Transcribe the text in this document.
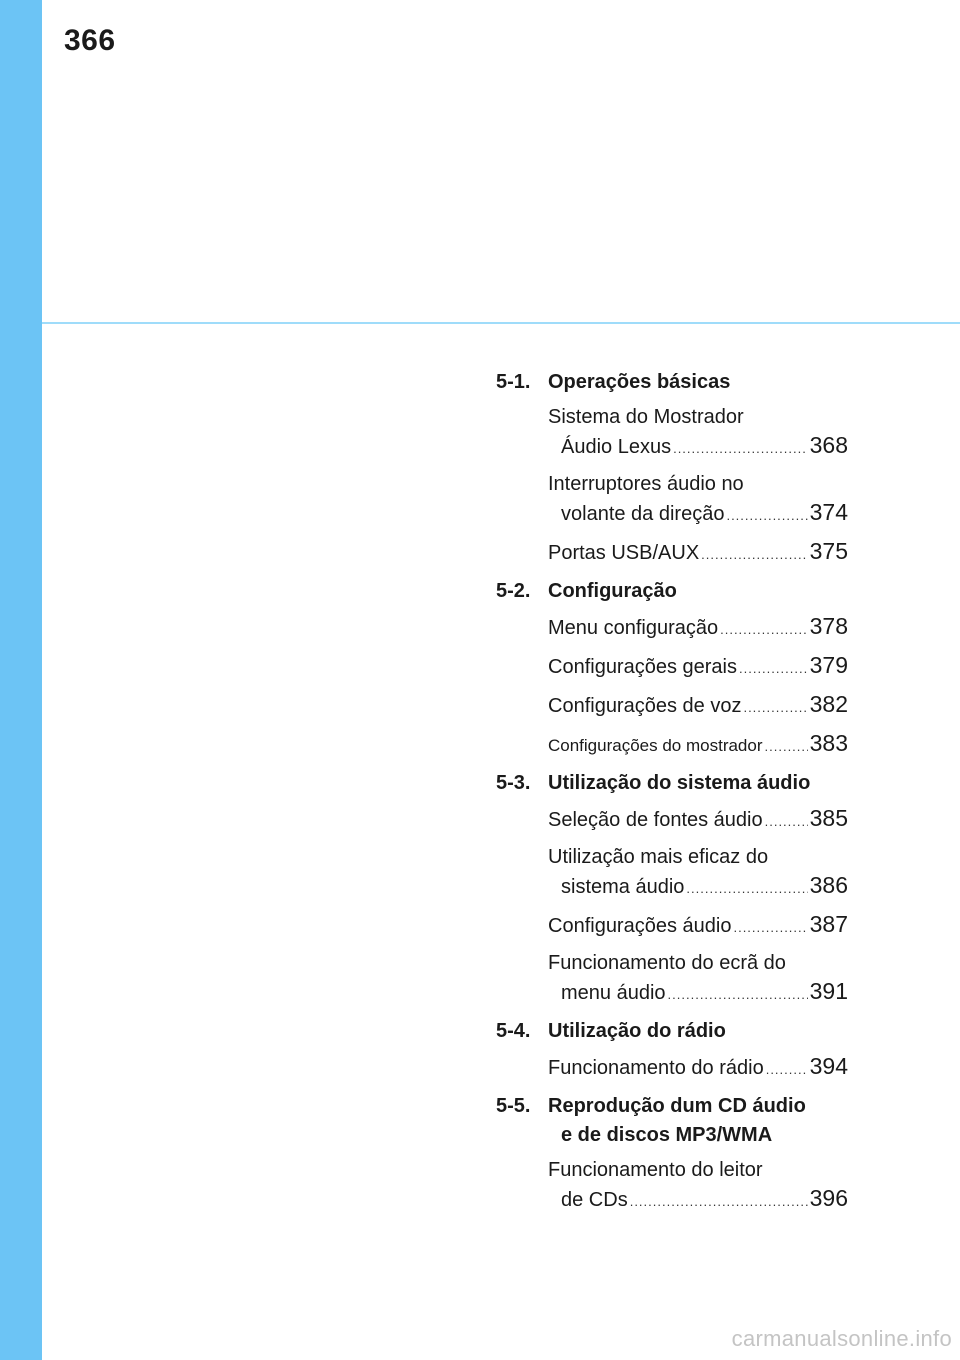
366
5-1. Operações básicas
Sistema do Mostrador
Áudio Lexus .....	368
Interruptores áudio no
volante da direção .....	374
Portas USB/AUX .....	375
5-2. Configuração
Menu configuração .....	378
Configurações gerais .....	379
Configurações de voz .....	382
Configurações do mostrador ..... 383
5-3. Utilização do sistema áudio
Seleção de fontes áudio ..... 385
Utilização mais eficaz do
sistema áudio .....	386
Configurações áudio .....	387
Funcionamento do ecrã do
menu áudio .....	391
5-4. Utilização do rádio
Funcionamento do rádio ..... 394
5-5. Reprodução dum CD áudio
e de discos MP3/WMA
Funcionamento do leitor
de CDs .....	396
carmanualsonline.info
